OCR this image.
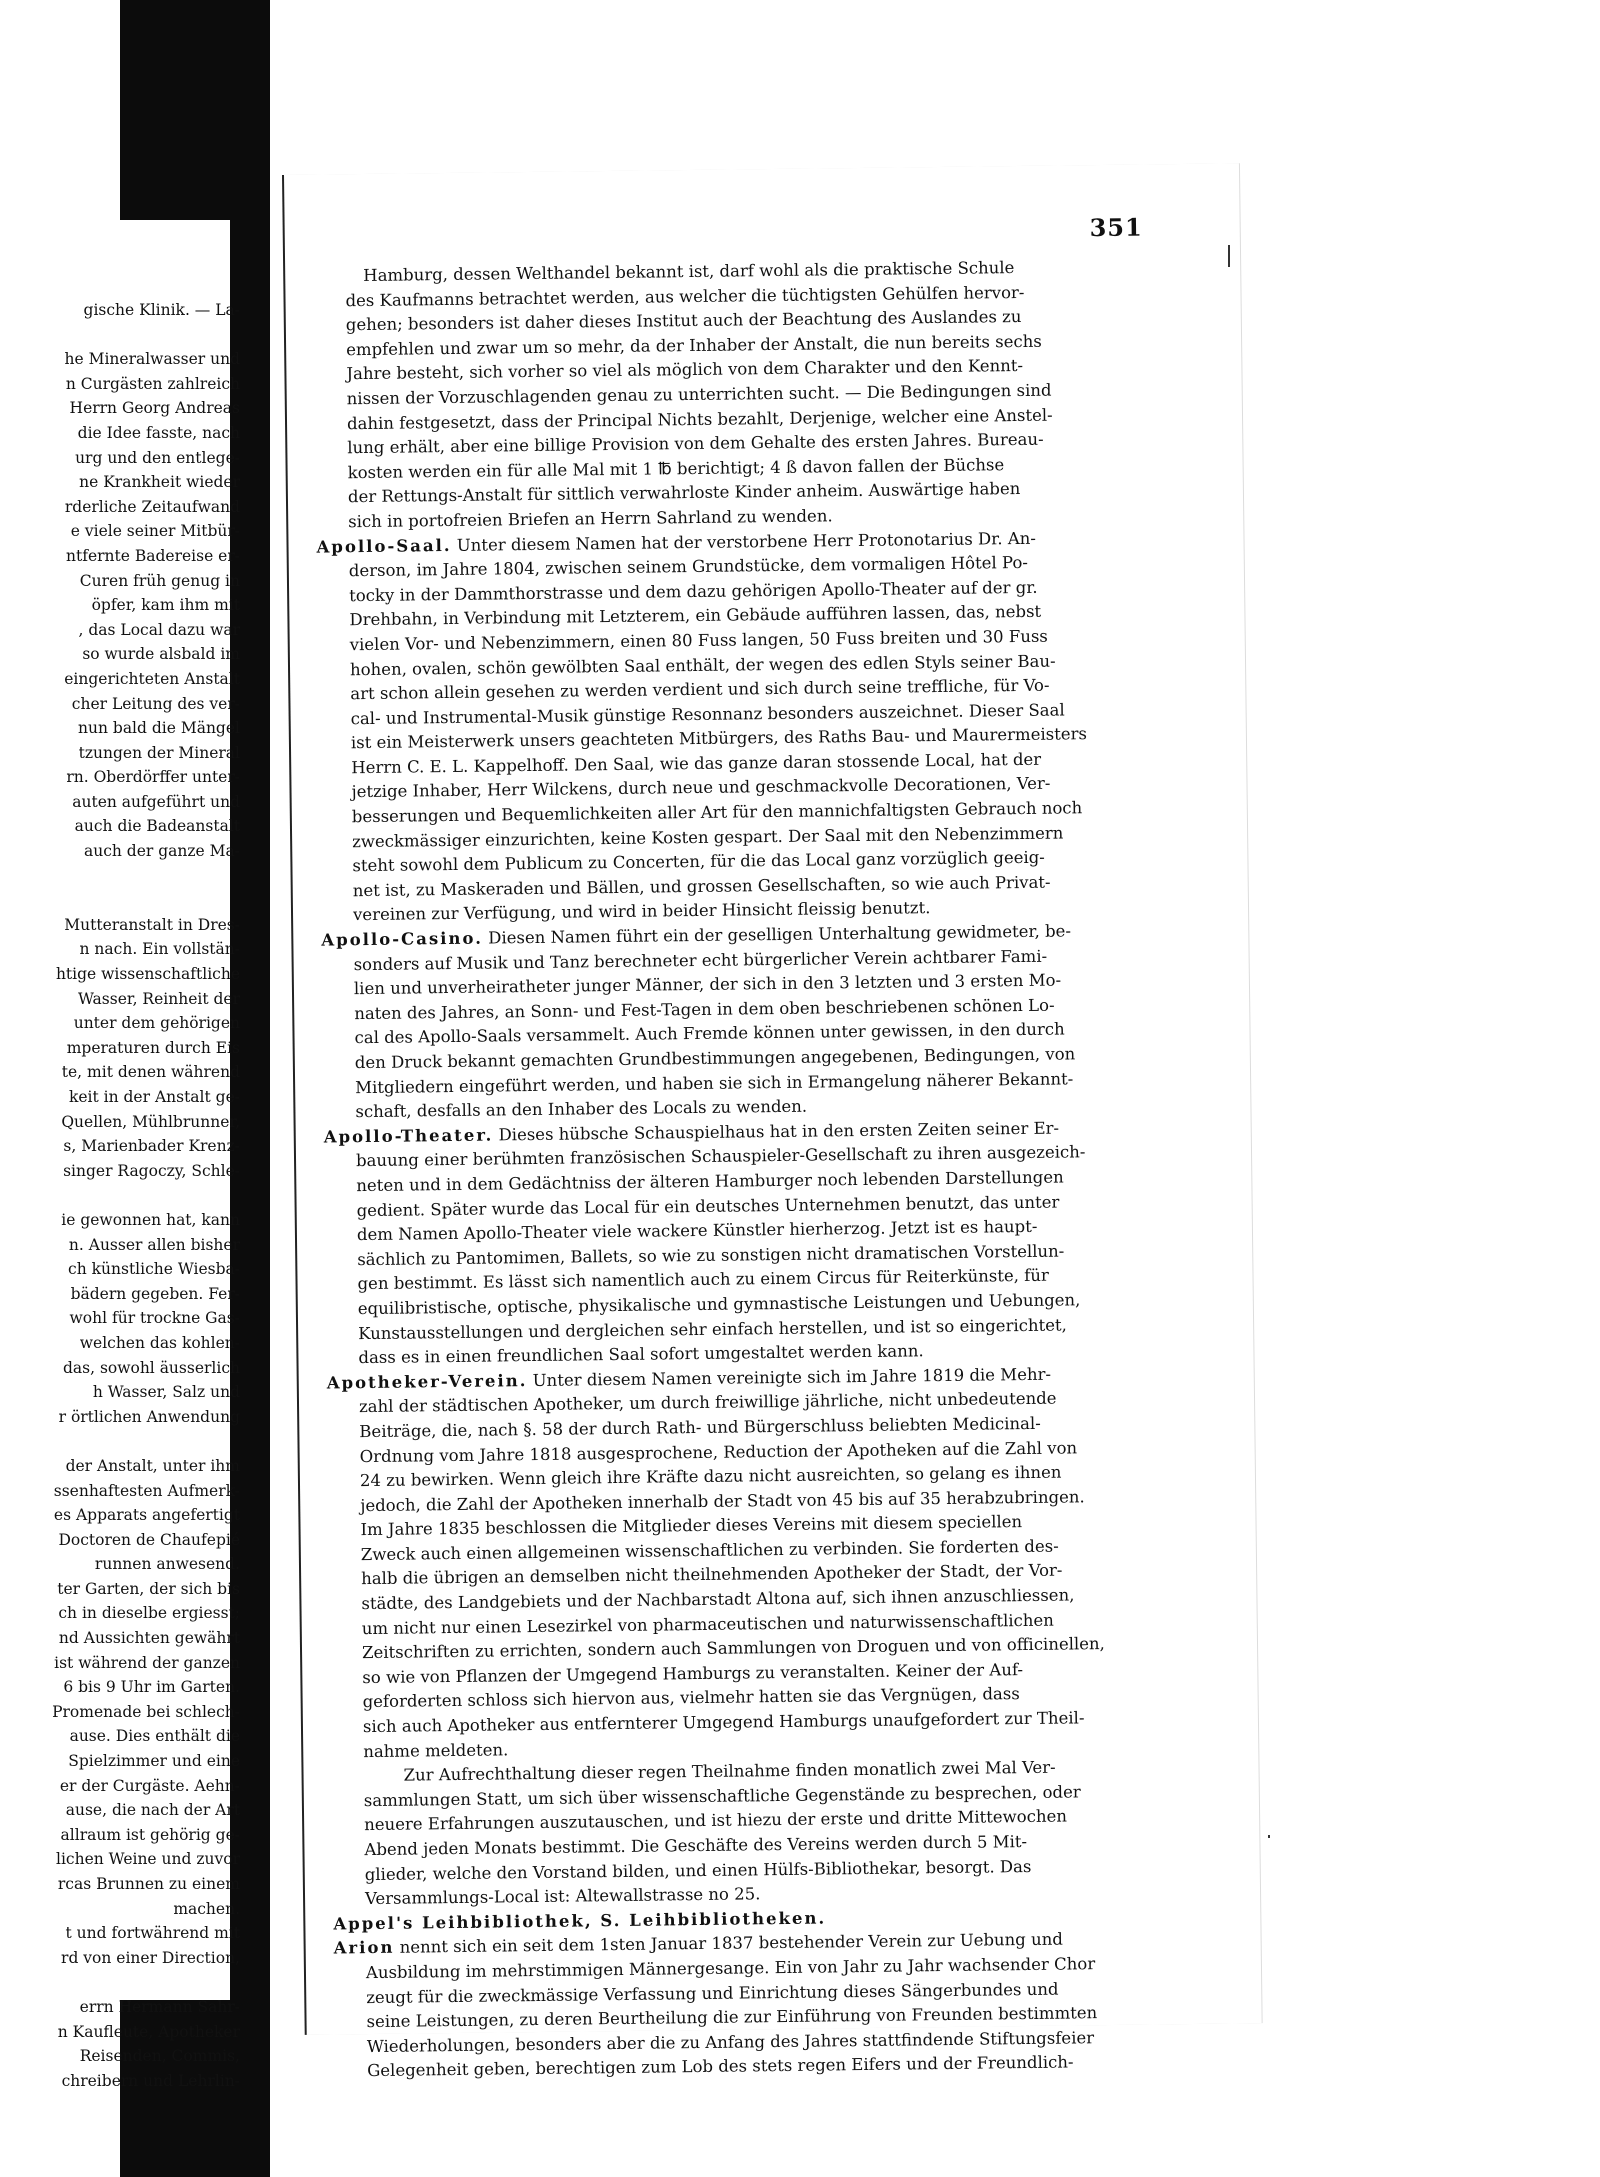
gische Klinik. — La-

he Mineralwasser und
n Curgästen zahlreich
Herrn Georg Andreas
die Idee fasste, nach
urg und den entlege-
ne Krankheit wieder
rderliche Zeitaufwand
e viele seiner Mitbür-
ntfernte Badereise er-
Curen früh genug in
öpfer, kam ihm mit
, das Local dazu war
so wurde alsbald im
eingerichteten Anstalt
cher Leitung des ver-
nun bald die Mängel
tzungen der Mineral
rn. Oberdörffer unter-
auten aufgeführt und
auch die Badeanstalt
auch der ganze Ma-

Mutteranstalt in Dres-
n nach. Ein vollstän-
htige wissenschaftliche
Wasser, Reinheit der
unter dem gehörigen
mperaturen durch Eis
te, mit denen während
keit in der Anstalt ge-
Quellen, Mühlbrunner,
s, Marienbader Krenz-
singer Ragoczy, Schle-

ie gewonnen hat, kann
n. Ausser allen bisher
ch künstliche Wiesba-
bädern gegeben. Fer-
wohl für trockne Gas-
welchen das kohlen-
das, sowohl äusserlich
h Wasser, Salz und
r örtlichen Anwendung

der Anstalt, unter ihm
ssenhaftesten Aufmerk-
es Apparats angefertigt
Doctoren de Chaufepié
runnen anwesend.
ter Garten, der sich bis
ch in dieselbe ergiesst;
nd Aussichten gewährt
ist während der ganzen
6 bis 9 Uhr im Garten.
Promenade bei schlech-
ause. Dies enthält die
Spielzimmer und eine
er der Curgäste. Aehn-
ause, die nach der Art
allraum ist gehörig ge-
lichen Weine und zuvor
rcas Brunnen zu einem
machen.
t und fortwährend mit
rd von einer Direction,

errn Hermann Sahr-
n Kaufleute, Apotheker
Reisenden, Commis,
chreibern und Lehrlin-
351
Hamburg, dessen Welthandel bekannt ist, darf wohl als die praktische Schule
des Kaufmanns betrachtet werden, aus welcher die tüchtigsten Gehülfen hervor-
gehen; besonders ist daher dieses Institut auch der Beachtung des Auslandes zu
empfehlen und zwar um so mehr, da der Inhaber der Anstalt, die nun bereits sechs
Jahre besteht, sich vorher so viel als möglich von dem Charakter und den Kennt-
nissen der Vorzuschlagenden genau zu unterrichten sucht. — Die Bedingungen sind
dahin festgesetzt, dass der Principal Nichts bezahlt, Derjenige, welcher eine Anstel-
lung erhält, aber eine billige Provision von dem Gehalte des ersten Jahres. Bureau-
kosten werden ein für alle Mal mit 1 ℔ berichtigt; 4 ß davon fallen der Büchse
der Rettungs-Anstalt für sittlich verwahrloste Kinder anheim. Auswärtige haben
sich in portofreien Briefen an Herrn Sahrland zu wenden.
Apollo-Saal. Unter diesem Namen hat der verstorbene Herr Protonotarius Dr. An-
derson, im Jahre 1804, zwischen seinem Grundstücke, dem vormaligen Hôtel Po-
tocky in der Dammthorstrasse und dem dazu gehörigen Apollo-Theater auf der gr.
Drehbahn, in Verbindung mit Letzterem, ein Gebäude aufführen lassen, das, nebst
vielen Vor- und Nebenzimmern, einen 80 Fuss langen, 50 Fuss breiten und 30 Fuss
hohen, ovalen, schön gewölbten Saal enthält, der wegen des edlen Styls seiner Bau-
art schon allein gesehen zu werden verdient und sich durch seine treffliche, für Vo-
cal- und Instrumental-Musik günstige Resonnanz besonders auszeichnet. Dieser Saal
ist ein Meisterwerk unsers geachteten Mitbürgers, des Raths Bau- und Maurermeisters
Herrn C. E. L. Kappelhoff. Den Saal, wie das ganze daran stossende Local, hat der
jetzige Inhaber, Herr Wilckens, durch neue und geschmackvolle Decorationen, Ver-
besserungen und Bequemlichkeiten aller Art für den mannichfaltigsten Gebrauch noch
zweckmässiger einzurichten, keine Kosten gespart. Der Saal mit den Nebenzimmern
steht sowohl dem Publicum zu Concerten, für die das Local ganz vorzüglich geeig-
net ist, zu Maskeraden und Bällen, und grossen Gesellschaften, so wie auch Privat-
vereinen zur Verfügung, und wird in beider Hinsicht fleissig benutzt.
Apollo-Casino. Diesen Namen führt ein der geselligen Unterhaltung gewidmeter, be-
sonders auf Musik und Tanz berechneter echt bürgerlicher Verein achtbarer Fami-
lien und unverheiratheter junger Männer, der sich in den 3 letzten und 3 ersten Mo-
naten des Jahres, an Sonn- und Fest-Tagen in dem oben beschriebenen schönen Lo-
cal des Apollo-Saals versammelt. Auch Fremde können unter gewissen, in den durch
den Druck bekannt gemachten Grundbestimmungen angegebenen, Bedingungen, von
Mitgliedern eingeführt werden, und haben sie sich in Ermangelung näherer Bekannt-
schaft, desfalls an den Inhaber des Locals zu wenden.
Apollo-Theater. Dieses hübsche Schauspielhaus hat in den ersten Zeiten seiner Er-
bauung einer berühmten französischen Schauspieler-Gesellschaft zu ihren ausgezeich-
neten und in dem Gedächtniss der älteren Hamburger noch lebenden Darstellungen
gedient. Später wurde das Local für ein deutsches Unternehmen benutzt, das unter
dem Namen Apollo-Theater viele wackere Künstler hierherzog. Jetzt ist es haupt-
sächlich zu Pantomimen, Ballets, so wie zu sonstigen nicht dramatischen Vorstellun-
gen bestimmt. Es lässt sich namentlich auch zu einem Circus für Reiterkünste, für
equilibristische, optische, physikalische und gymnastische Leistungen und Uebungen,
Kunstausstellungen und dergleichen sehr einfach herstellen, und ist so eingerichtet,
dass es in einen freundlichen Saal sofort umgestaltet werden kann.
Apotheker-Verein. Unter diesem Namen vereinigte sich im Jahre 1819 die Mehr-
zahl der städtischen Apotheker, um durch freiwillige jährliche, nicht unbedeutende
Beiträge, die, nach §. 58 der durch Rath- und Bürgerschluss beliebten Medicinal-
Ordnung vom Jahre 1818 ausgesprochene, Reduction der Apotheken auf die Zahl von
24 zu bewirken. Wenn gleich ihre Kräfte dazu nicht ausreichten, so gelang es ihnen
jedoch, die Zahl der Apotheken innerhalb der Stadt von 45 bis auf 35 herabzubringen.
Im Jahre 1835 beschlossen die Mitglieder dieses Vereins mit diesem speciellen
Zweck auch einen allgemeinen wissenschaftlichen zu verbinden. Sie forderten des-
halb die übrigen an demselben nicht theilnehmenden Apotheker der Stadt, der Vor-
städte, des Landgebiets und der Nachbarstadt Altona auf, sich ihnen anzuschliessen,
um nicht nur einen Lesezirkel von pharmaceutischen und naturwissenschaftlichen
Zeitschriften zu errichten, sondern auch Sammlungen von Droguen und von officinellen,
so wie von Pflanzen der Umgegend Hamburgs zu veranstalten. Keiner der Auf-
geforderten schloss sich hiervon aus, vielmehr hatten sie das Vergnügen, dass
sich auch Apotheker aus entfernterer Umgegend Hamburgs unaufgefordert zur Theil-
nahme meldeten.
Zur Aufrechthaltung dieser regen Theilnahme finden monatlich zwei Mal Ver-
sammlungen Statt, um sich über wissenschaftliche Gegenstände zu besprechen, oder
neuere Erfahrungen auszutauschen, und ist hiezu der erste und dritte Mittewochen
Abend jeden Monats bestimmt. Die Geschäfte des Vereins werden durch 5 Mit-
glieder, welche den Vorstand bilden, und einen Hülfs-Bibliothekar, besorgt. Das
Versammlungs-Local ist: Altewallstrasse no 25.
Appel's Leihbibliothek, S. Leihbibliotheken.
Arion nennt sich ein seit dem 1sten Januar 1837 bestehender Verein zur Uebung und
Ausbildung im mehrstimmigen Männergesange. Ein von Jahr zu Jahr wachsender Chor
zeugt für die zweckmässige Verfassung und Einrichtung dieses Sängerbundes und
seine Leistungen, zu deren Beurtheilung die zur Einführung von Freunden bestimmten
Wiederholungen, besonders aber die zu Anfang des Jahres stattfindende Stiftungsfeier
Gelegenheit geben, berechtigen zum Lob des stets regen Eifers und der Freundlich-
